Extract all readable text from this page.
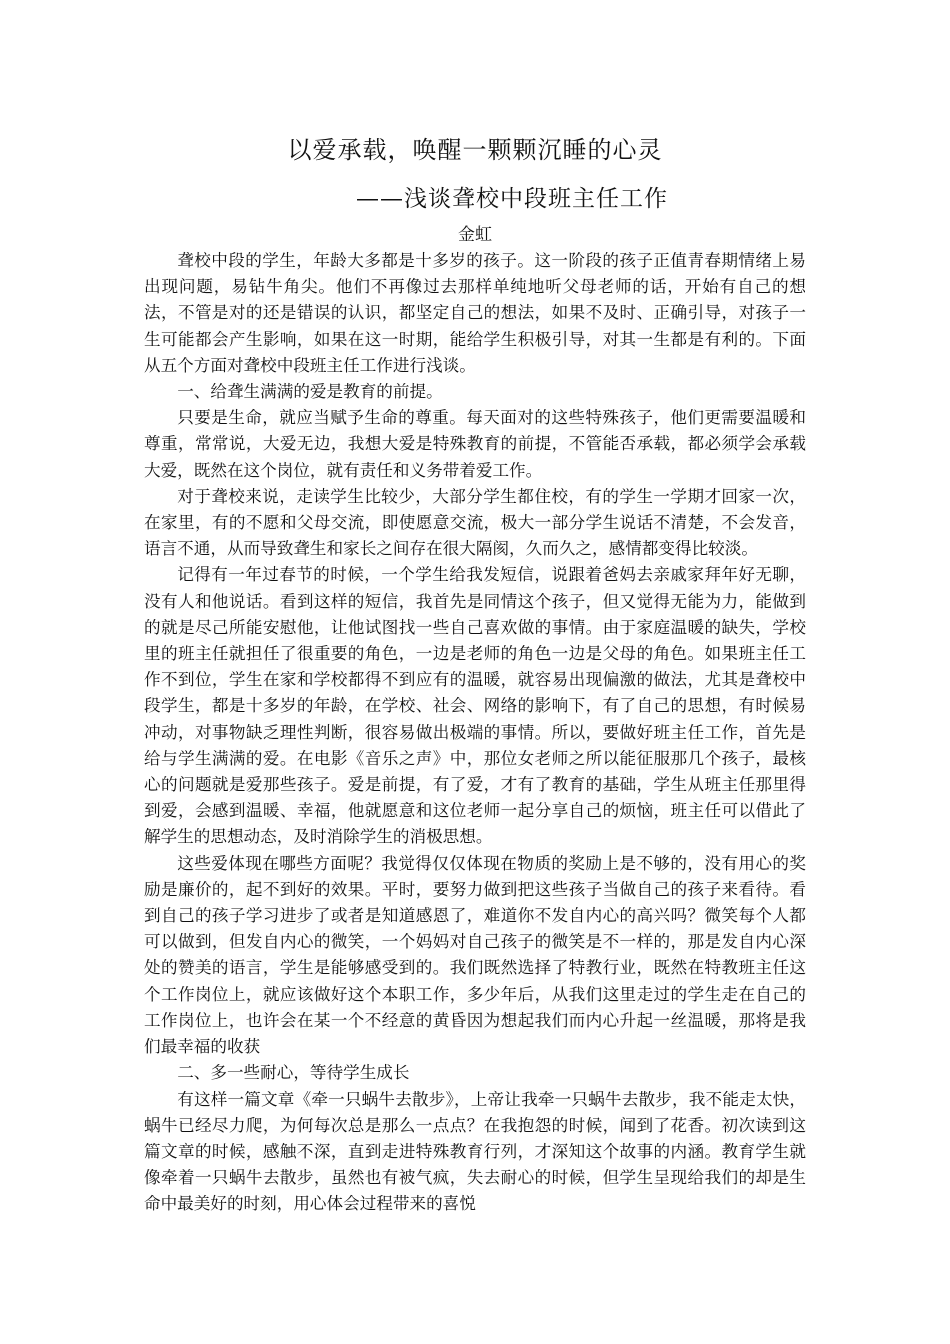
以爱承载，唤醒一颗颗沉睡的心灵
——浅谈聋校中段班主任工作
金虹

聋校中段的学生，年龄大多都是十多岁的孩子。这一阶段的孩子正值青春期情绪上易出现问题，易钻牛角尖。他们不再像过去那样单纯地听父母老师的话，开始有自己的想法，不管是对的还是错误的认识，都坚定自己的想法，如果不及时、正确引导，对孩子一生可能都会产生影响，如果在这一时期，能给学生积极引导，对其一生都是有利的。下面从五个方面对聋校中段班主任工作进行浅谈。

一、给聋生满满的爱是教育的前提。

只要是生命，就应当赋予生命的尊重。每天面对的这些特殊孩子，他们更需要温暖和尊重，常常说，大爱无边，我想大爱是特殊教育的前提，不管能否承载，都必须学会承载大爱，既然在这个岗位，就有责任和义务带着爱工作。

对于聋校来说，走读学生比较少，大部分学生都住校，有的学生一学期才回家一次，在家里，有的不愿和父母交流，即使愿意交流，极大一部分学生说话不清楚，不会发音，语言不通，从而导致聋生和家长之间存在很大隔阂，久而久之，感情都变得比较淡。

记得有一年过春节的时候，一个学生给我发短信，说跟着爸妈去亲戚家拜年好无聊，没有人和他说话。看到这样的短信，我首先是同情这个孩子，但又觉得无能为力，能做到的就是尽己所能安慰他，让他试图找一些自己喜欢做的事情。由于家庭温暖的缺失，学校里的班主任就担任了很重要的角色，一边是老师的角色一边是父母的角色。如果班主任工作不到位，学生在家和学校都得不到应有的温暖，就容易出现偏激的做法，尤其是聋校中段学生，都是十多岁的年龄，在学校、社会、网络的影响下，有了自己的思想，有时候易冲动，对事物缺乏理性判断，很容易做出极端的事情。所以，要做好班主任工作，首先是给与学生满满的爱。在电影《音乐之声》中，那位女老师之所以能征服那几个孩子，最核心的问题就是爱那些孩子。爱是前提，有了爱，才有了教育的基础，学生从班主任那里得到爱，会感到温暖、幸福，他就愿意和这位老师一起分享自己的烦恼，班主任可以借此了解学生的思想动态，及时消除学生的消极思想。

这些爱体现在哪些方面呢？我觉得仅仅体现在物质的奖励上是不够的，没有用心的奖励是廉价的，起不到好的效果。平时，要努力做到把这些孩子当做自己的孩子来看待。看到自己的孩子学习进步了或者是知道感恩了，难道你不发自内心的高兴吗？微笑每个人都可以做到，但发自内心的微笑，一个妈妈对自己孩子的微笑是不一样的，那是发自内心深处的赞美的语言，学生是能够感受到的。我们既然选择了特教行业，既然在特教班主任这个工作岗位上，就应该做好这个本职工作，多少年后，从我们这里走过的学生走在自己的工作岗位上，也许会在某一个不经意的黄昏因为想起我们而内心升起一丝温暖，那将是我们最幸福的收获

二、多一些耐心，等待学生成长

有这样一篇文章《牵一只蜗牛去散步》，上帝让我牵一只蜗牛去散步，我不能走太快，蜗牛已经尽力爬，为何每次总是那么一点点？在我抱怨的时候，闻到了花香。初次读到这篇文章的时候，感触不深，直到走进特殊教育行列，才深知这个故事的内涵。教育学生就像牵着一只蜗牛去散步，虽然也有被气疯，失去耐心的时候，但学生呈现给我们的却是生命中最美好的时刻，用心体会过程带来的喜悦
